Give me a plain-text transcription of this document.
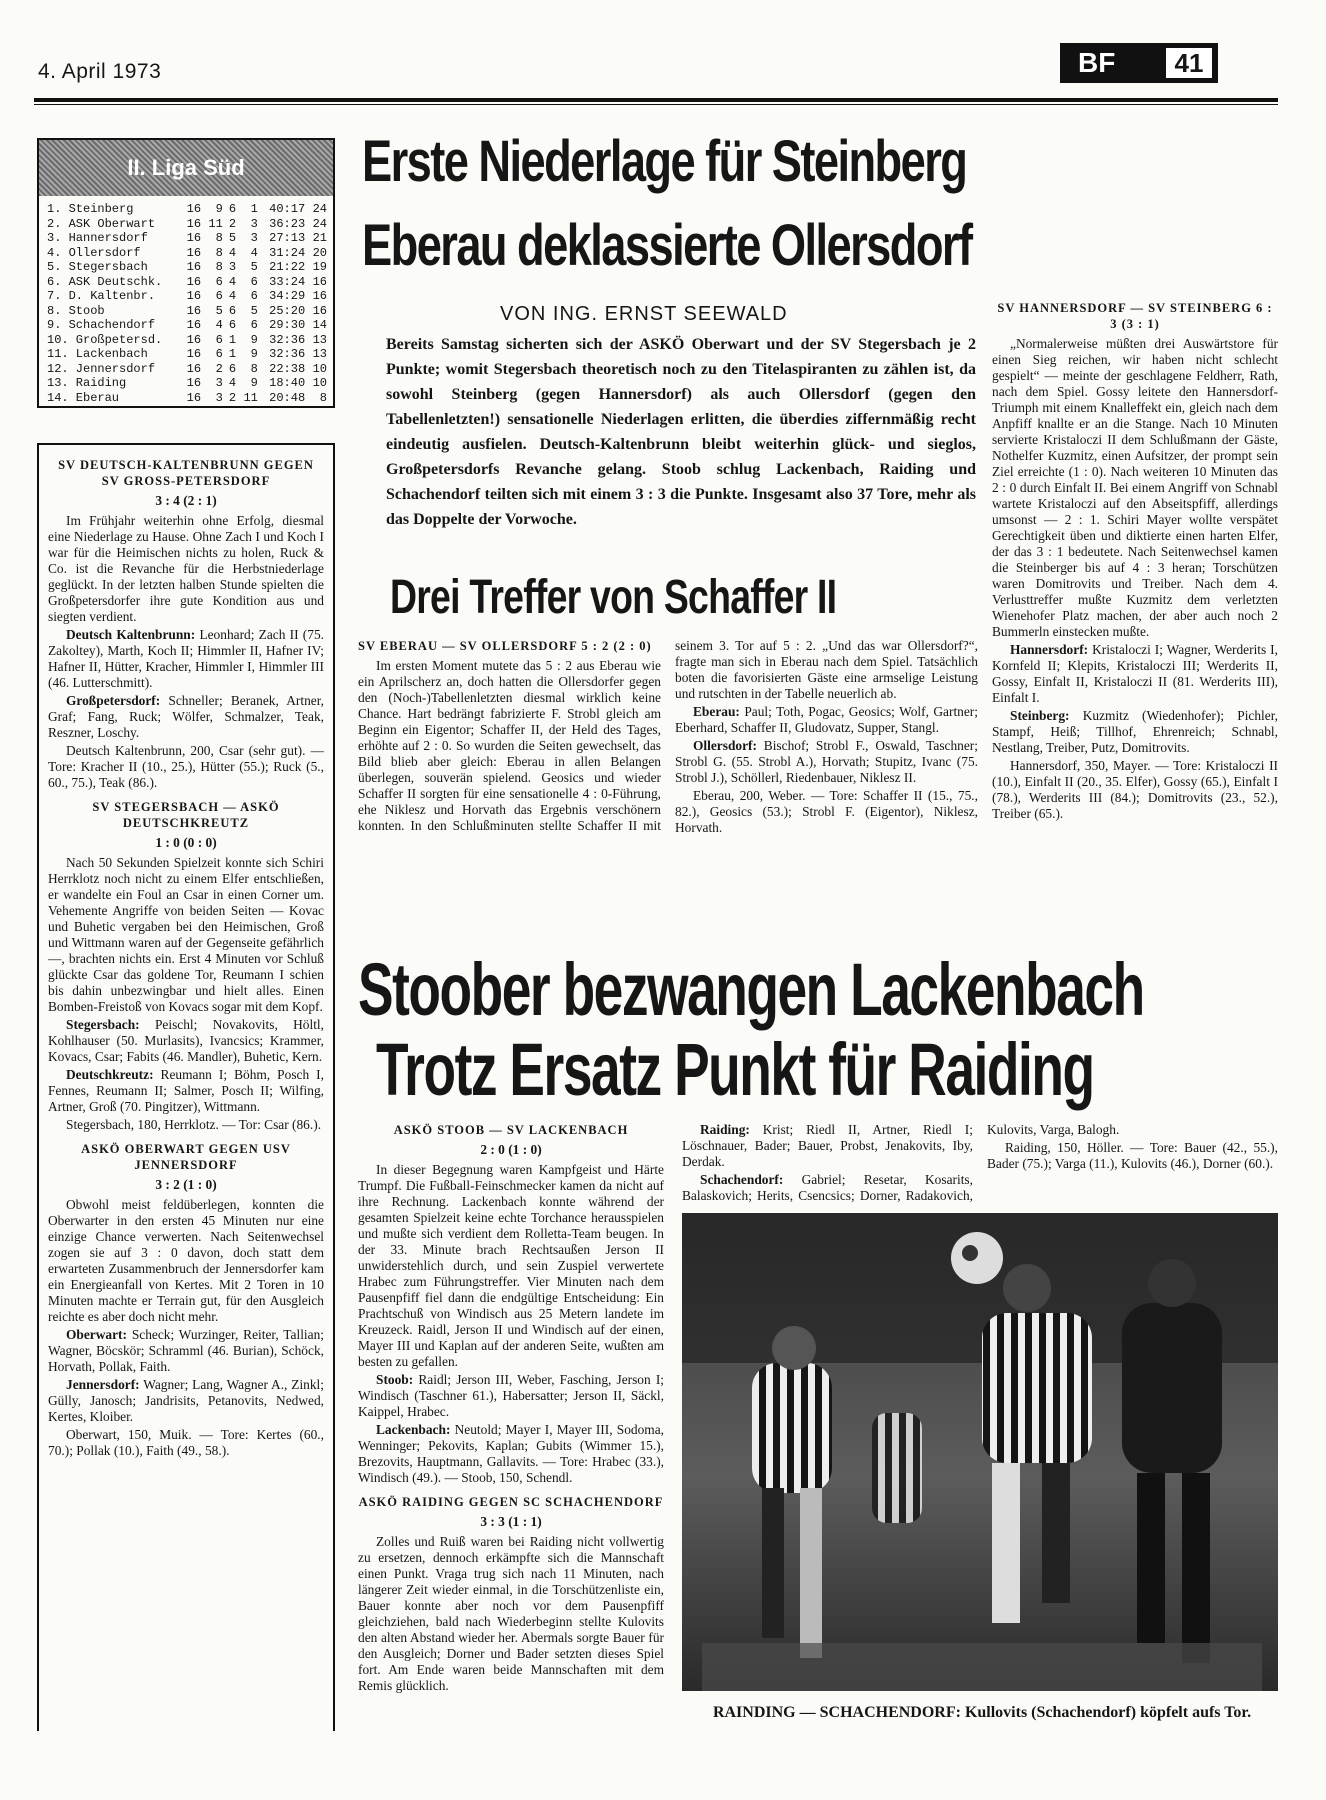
4. April 1973	BF	41
II. Liga Süd
1. Steinberg	16	9	6	1	40:17	24
2. ASK Oberwart	16	11	2	3	36:23	24
3. Hannersdorf	16	8	5	3	27:13	21
4. Ollersdorf	16	8	4	4	31:24	20
5. Stegersbach	16	8	3	5	21:22	19
6. ASK Deutschk.	16	6	4	6	33:24	16
7. D. Kaltenbr.	16	6	4	6	34:29	16
8. Stoob	16	5	6	5	25:20	16
9. Schachendorf	16	4	6	6	29:30	14
10. Großpetersd.	16	6	1	9	32:36	13
11. Lackenbach	16	6	1	9	32:36	13
12. Jennersdorf	16	2	6	8	22:38	10
13. Raiding	16	3	4	9	18:40	10
14. Eberau	16	3	2	11	20:48	8
SV DEUTSCH-KALTENBRUNN GEGEN SV GROSS-PETERSDORF
3 : 4 (2 : 1)

Im Frühjahr weiterhin ohne Erfolg, diesmal eine Niederlage zu Hause. Ohne Zach I und Koch I war für die Heimischen nichts zu holen, Ruck & Co. ist die Revanche für die Herbstniederlage geglückt. In der letzten halben Stunde spielten die Großpetersdorfer ihre gute Kondition aus und siegten verdient.

Deutsch Kaltenbrunn: Leonhard; Zach II (75. Zakoltey), Marth, Koch II; Himmler II, Hafner IV; Hafner II, Hütter, Kracher, Himmler I, Himmler III (46. Lutterschmitt).

Großpetersdorf: Schneller; Beranek, Artner, Graf; Fang, Ruck; Wölfer, Schmalzer, Teak, Reszner, Loschy.

Deutsch Kaltenbrunn, 200, Csar (sehr gut). — Tore: Kracher II (10., 25.), Hütter (55.); Ruck (5., 60., 75.), Teak (86.).

SV STEGERSBACH — ASKÖ DEUTSCHKREUTZ
1 : 0 (0 : 0)

Nach 50 Sekunden Spielzeit konnte sich Schiri Herrklotz noch nicht zu einem Elfer entschließen, er wandelte ein Foul an Csar in einen Corner um. Vehemente Angriffe von beiden Seiten — Kovac und Buhetic vergaben bei den Heimischen, Groß und Wittmann waren auf der Gegenseite gefährlich —, brachten nichts ein. Erst 4 Minuten vor Schluß glückte Csar das goldene Tor, Reumann I schien bis dahin unbezwingbar und hielt alles. Einen Bomben-Freistoß von Kovacs sogar mit dem Kopf.

Stegersbach: Peischl; Novakovits, Höltl, Kohlhauser (50. Murlasits), Ivancsics; Krammer, Kovacs, Csar; Fabits (46. Mandler), Buhetic, Kern.

Deutschkreutz: Reumann I; Böhm, Posch I, Fennes, Reumann II; Salmer, Posch II; Wilfing, Artner, Groß (70. Pingitzer), Wittmann.

Stegersbach, 180, Herrklotz. — Tor: Csar (86.).

ASKÖ OBERWART GEGEN USV JENNERSDORF
3 : 2 (1 : 0)

Obwohl meist feldüberlegen, konnten die Oberwarter in den ersten 45 Minuten nur eine einzige Chance verwerten. Nach Seitenwechsel zogen sie auf 3 : 0 davon, doch statt dem erwarteten Zusammenbruch der Jennersdorfer kam ein Energieanfall von Kertes. Mit 2 Toren in 10 Minuten machte er Terrain gut, für den Ausgleich reichte es aber doch nicht mehr.

Oberwart: Scheck; Wurzinger, Reiter, Tallian; Wagner, Böcskör; Schramml (46. Burian), Schöck, Horvath, Pollak, Faith.

Jennersdorf: Wagner; Lang, Wagner A., Zinkl; Gülly, Janosch; Jandrisits, Petanovits, Nedwed, Kertes, Kloiber.

Oberwart, 150, Muik. — Tore: Kertes (60., 70.); Pollak (10.), Faith (49., 58.).

Erste Niederlage für Steinberg
Eberau deklassierte Ollersdorf
VON ING. ERNST SEEWALD
Bereits Samstag sicherten sich der ASKÖ Oberwart und der SV Stegersbach je 2 Punkte; womit Stegersbach theoretisch noch zu den Titelaspiranten zu zählen ist, da sowohl Steinberg (gegen Hannersdorf) als auch Ollersdorf (gegen den Tabellenletzten!) sensationelle Niederlagen erlitten, die überdies ziffernmäßig recht eindeutig ausfielen. Deutsch-Kaltenbrunn bleibt weiterhin glück- und sieglos, Großpetersdorfs Revanche gelang. Stoob schlug Lackenbach, Raiding und Schachendorf teilten sich mit einem 3 : 3 die Punkte. Insgesamt also 37 Tore, mehr als das Doppelte der Vorwoche.
SV HANNERSDORF — SV STEINBERG 6 : 3 (3 : 1)

„Normalerweise müßten drei Auswärtstore für einen Sieg reichen, wir haben nicht schlecht gespielt“ — meinte der geschlagene Feldherr, Rath, nach dem Spiel. Gossy leitete den Hannersdorf-Triumph mit einem Knalleffekt ein, gleich nach dem Anpfiff knallte er an die Stange. Nach 10 Minuten servierte Kristaloczi II dem Schlußmann der Gäste, Nothelfer Kuzmitz, einen Aufsitzer, der prompt sein Ziel erreichte (1 : 0). Nach weiteren 10 Minuten das 2 : 0 durch Einfalt II. Bei einem Angriff von Schnabl wartete Kristaloczi auf den Abseitspfiff, allerdings umsonst — 2 : 1. Schiri Mayer wollte verspätet Gerechtigkeit üben und diktierte einen harten Elfer, der das 3 : 1 bedeutete. Nach Seitenwechsel kamen die Steinberger bis auf 4 : 3 heran; Torschützen waren Domitrovits und Treiber. Nach dem 4. Verlusttreffer mußte Kuzmitz dem verletzten Wienehofer Platz machen, der aber auch noch 2 Bummerln einstecken mußte.

Hannersdorf: Kristaloczi I; Wagner, Werderits I, Kornfeld II; Klepits, Kristaloczi III; Werderits II, Gossy, Einfalt II, Kristaloczi II (81. Werderits III), Einfalt I.

Steinberg: Kuzmitz (Wiedenhofer); Pichler, Stampf, Heiß; Tillhof, Ehrenreich; Schnabl, Nestlang, Treiber, Putz, Domitrovits.

Hannersdorf, 350, Mayer. — Tore: Kristaloczi II (10.), Einfalt II (20., 35. Elfer), Gossy (65.), Einfalt I (78.), Werderits III (84.); Domitrovits (23., 52.), Treiber (65.).

Drei Treffer von Schaffer II
SV EBERAU — SV OLLERSDORF 5 : 2 (2 : 0)

Im ersten Moment mutete das 5 : 2 aus Eberau wie ein Aprilscherz an, doch hatten die Ollersdorfer gegen den (Noch-)Tabellenletzten diesmal wirklich keine Chance. Hart bedrängt fabrizierte F. Strobl gleich am Beginn ein Eigentor; Schaffer II, der Held des Tages, erhöhte auf 2 : 0. So wurden die Seiten gewechselt, das Bild blieb aber gleich: Eberau in allen Belangen überlegen, souverän spielend. Geosics und wieder Schaffer II sorgten für eine sensationelle 4 : 0-Führung, ehe Niklesz und Horvath das Ergebnis verschönern konnten. In den Schlußminuten stellte Schaffer II mit seinem 3. Tor auf 5 : 2. „Und das war Ollersdorf?“, fragte man sich in Eberau nach dem Spiel. Tatsächlich boten die favorisierten Gäste eine armselige Leistung und rutschten in der Tabelle neuerlich ab.

Eberau: Paul; Toth, Pogac, Geosics; Wolf, Gartner; Eberhard, Schaffer II, Gludovatz, Supper, Stangl.

Ollersdorf: Bischof; Strobl F., Oswald, Taschner; Strobl G. (55. Strobl A.), Horvath; Stupitz, Ivanc (75. Strobl J.), Schöllerl, Riedenbauer, Niklesz II.

Eberau, 200, Weber. — Tore: Schaffer II (15., 75., 82.), Geosics (53.); Strobl F. (Eigentor), Niklesz, Horvath.

Stoober bezwangen Lackenbach
Trotz Ersatz Punkt für Raiding
ASKÖ STOOB — SV LACKENBACH
2 : 0 (1 : 0)

In dieser Begegnung waren Kampfgeist und Härte Trumpf. Die Fußball-Feinschmecker kamen da nicht auf ihre Rechnung. Lackenbach konnte während der gesamten Spielzeit keine echte Torchance herausspielen und mußte sich verdient dem Rolletta-Team beugen. In der 33. Minute brach Rechtsaußen Jerson II unwiderstehlich durch, und sein Zuspiel verwertete Hrabec zum Führungstreffer. Vier Minuten nach dem Pausenpfiff fiel dann die endgültige Entscheidung: Ein Prachtschuß von Windisch aus 25 Metern landete im Kreuzeck. Raidl, Jerson II und Windisch auf der einen, Mayer III und Kaplan auf der anderen Seite, wußten am besten zu gefallen.

Stoob: Raidl; Jerson III, Weber, Fasching, Jerson I; Windisch (Taschner 61.), Habersatter; Jerson II, Säckl, Kaippel, Hrabec.

Lackenbach: Neutold; Mayer I, Mayer III, Sodoma, Wenninger; Pekovits, Kaplan; Gubits (Wimmer 15.), Brezovits, Hauptmann, Gallavits. — Tore: Hrabec (33.), Windisch (49.). — Stoob, 150, Schendl.

ASKÖ RAIDING GEGEN SC SCHACHENDORF
3 : 3 (1 : 1)

Zolles und Ruiß waren bei Raiding nicht vollwertig zu ersetzen, dennoch erkämpfte sich die Mannschaft einen Punkt. Vraga trug sich nach 11 Minuten, nach längerer Zeit wieder einmal, in die Torschützenliste ein, Bauer konnte aber noch vor dem Pausenpfiff gleichziehen, bald nach Wiederbeginn stellte Kulovits den alten Abstand wieder her. Abermals sorgte Bauer für den Ausgleich; Dorner und Bader setzten dieses Spiel fort. Am Ende waren beide Mannschaften mit dem Remis glücklich.

Raiding: Krist; Riedl II, Artner, Riedl I; Löschnauer, Bader; Bauer, Probst, Jenakovits, Iby, Derdak.

Schachendorf: Gabriel; Resetar, Kosarits, Balaskovich; Herits, Csencsics; Dorner, Radakovich, Kulovits, Varga, Balogh.

Raiding, 150, Höller. — Tore: Bauer (42., 55.), Bader (75.); Varga (11.), Kulovits (46.), Dorner (60.).

RAINDING — SCHACHENDORF: Kullovits (Schachendorf) köpfelt aufs Tor.
